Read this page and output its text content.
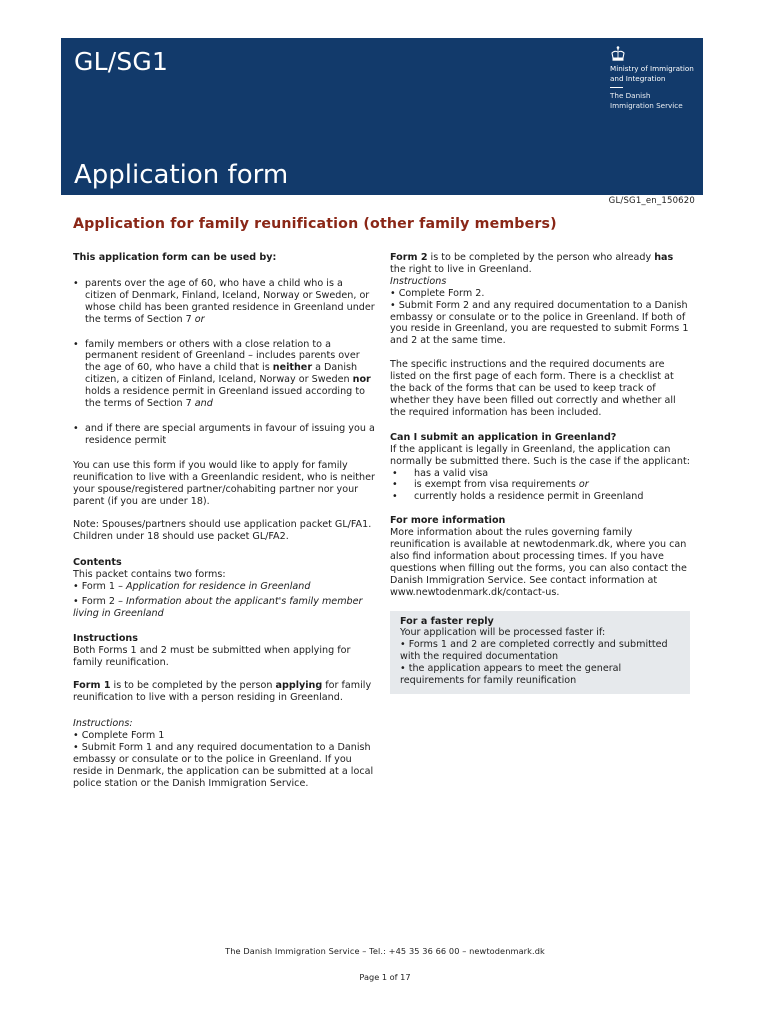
GL/SG1
Application form
Ministry of Immigration and Integration
The Danish Immigration Service
GL/SG1_en_150620
Application for family reunification (other family members)

This application form can be used by:

• parents over the age of 60, who have a child who is a citizen of Denmark, Finland, Iceland, Norway or Sweden, or whose child has been granted residence in Greenland under the terms of Section 7 or
• family members or others with a close relation to a permanent resident of Greenland – includes parents over the age of 60, who have a child that is neither a Danish citizen, a citizen of Finland, Iceland, Norway or Sweden nor holds a residence permit in Greenland issued according to the terms of Section 7 and
• and if there are special arguments in favour of issuing you a residence permit

You can use this form if you would like to apply for family reunification to live with a Greenlandic resident, who is neither your spouse/registered partner/cohabiting partner nor your parent (if you are under 18).

Note: Spouses/partners should use application packet GL/FA1. Children under 18 should use packet GL/FA2.

Contents

This packet contains two forms:

• Form 1 – Application for residence in Greenland

• Form 2 – Information about the applicant's family member living in Greenland

Instructions

Both Forms 1 and 2 must be submitted when applying for family reunification.

Form 1 is to be completed by the person applying for family reunification to live with a person residing in Greenland.

Instructions:

• Complete Form 1

• Submit Form 1 and any required documentation to a Danish embassy or consulate or to the police in Greenland. If you reside in Denmark, the application can be submitted at a local police station or the Danish Immigration Service.

Form 2 is to be completed by the person who already has the right to live in Greenland.

Instructions

• Complete Form 2.

• Submit Form 2 and any required documentation to a Danish embassy or consulate or to the police in Greenland. If both of you reside in Greenland, you are requested to submit Forms 1 and 2 at the same time.

The specific instructions and the required documents are listed on the first page of each form. There is a checklist at the back of the forms that can be used to keep track of whether they have been filled out correctly and whether all the required information has been included.

Can I submit an application in Greenland?

If the applicant is legally in Greenland, the application can normally be submitted there. Such is the case if the applicant:

• has a valid visa
• is exempt from visa requirements or
• currently holds a residence permit in Greenland

For more information

More information about the rules governing family reunification is available at newtodenmark.dk, where you can also find information about processing times. If you have questions when filling out the forms, you can also contact the Danish Immigration Service. See contact information at www.newtodenmark.dk/contact-us.

For a faster reply

Your application will be processed faster if:

• Forms 1 and 2 are completed correctly and submitted with the required documentation

• the application appears to meet the general requirements for family reunification

The Danish Immigration Service – Tel.: +45 35 36 66 00 – newtodenmark.dk
Page 1 of 17
